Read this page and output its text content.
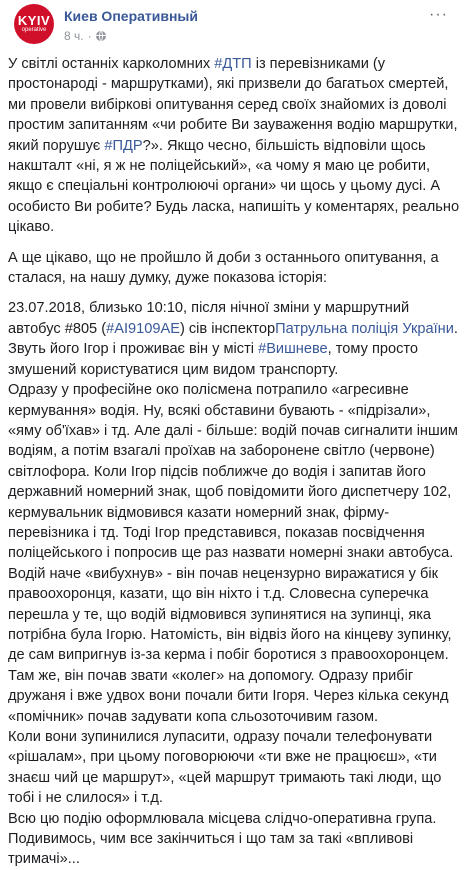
KYIV
operative
Киев Оперативный
8 ч. ·
···

У світлі останніх карколомних #ДТП із перевізниками (у простонароді - маршрутками), які призвели до багатьох смертей, ми провели вибіркові опитування серед своїх знайомих із доволі простим запитанням «чи робите Ви зауваження водію маршрутки, який порушує #ПДР?». Якщо чесно, більшість відповіли щось накшталт «ні, я ж не поліцейський», «а чому я маю це робити, якщо є спеціальні контролюючі органи» чи щось у цьому дусі. А особисто Ви робите? Будь ласка, напишіть у коментарях, реально цікаво.

А ще цікаво, що не пройшло й доби з останнього опитування, а сталася, на нашу думку, дуже показова історія:

23.07.2018, близько 10:10, після нічної зміни у маршрутний автобус #805 (#АІ9109АЕ) сів інспекторПатрульна поліція України. Звуть його Ігор і проживає він у місті #Вишневе, тому просто змушений користуватися цим видом транспорту.

Одразу у професійне око полісмена потрапило «агресивне кермування» водія. Ну, всякі обставини бувають - «підрізали», «яму об'їхав» і тд. Але далі - більше: водій почав сигналити іншим водіям, а потім взагалі проїхав на забороненe світло (червоне) світлофора. Коли Ігор підсів поближче до водія і запитав його державний номерний знак, щоб повідомити його диспетчеру 102, кермувальник відмовився казати номерний знак, фірму-перевізника і тд. Тоді Ігор представився, показав посвідчення поліцейського і попросив ще раз назвати номерні знаки автобуса. Водій наче «вибухнув» - він почав нецензурно виражатися у бік правоохоронця, казати, що він ніхто і т.д. Словесна суперечка перешла у те, що водій відмовився зупинятися на зупинці, яка потрібна була Ігорю. Натомість, він відвіз його на кінцеву зупинку, де сам випригнув із-за керма і побіг боротися з правоохоронцем. Там же, він почав звати «колег» на допомогу. Одразу прибіг дружаня і вже удвох вони почали бити Ігоря. Через кілька секунд «помічник» почав задувати копа сльозоточивим газом.

Коли вони зупинилися лупасити, одразу почали телефонувати «рішалам», при цьому поговорюючи «ти вже не працюєш», «ти знаєш чий це маршрут», «цей маршрут тримають такі люди, що тобі і не слилося» і т.д.

Всю цю подію оформлювала місцева слідчо-оперативна група. Подивимось, чим все закінчиться і що там за такі «впливові тримачі»...
